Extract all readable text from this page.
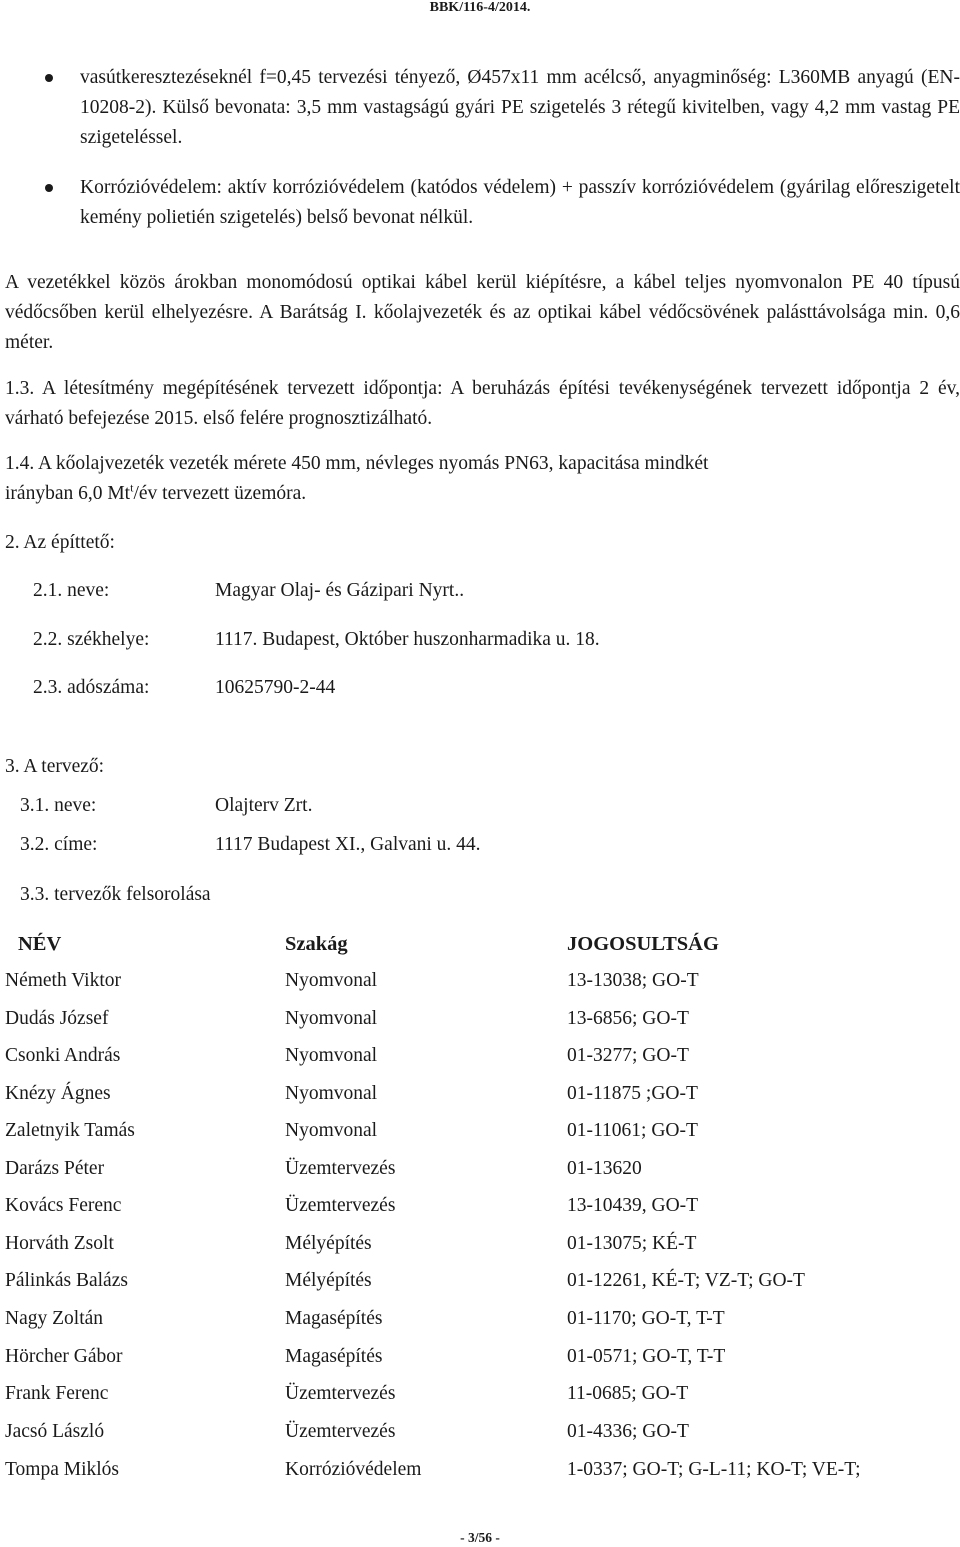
BBK/116-4/2014.
vasútkeresztezéseknél f=0,45 tervezési tényező, Ø457x11 mm acélcső, anyagminőség: L360MB anyagú (EN-10208-2). Külső bevonata: 3,5 mm vastagságú gyári PE szigetelés 3 rétegű kivitelben, vagy 4,2 mm vastag PE szigeteléssel.
Korrózióvédelem: aktív korrózióvédelem (katódos védelem) + passzív korrózióvédelem (gyárilag előreszigetelt kemény polietién szigetelés) belső bevonat nélkül.
A vezetékkel közös árokban monomódosú optikai kábel kerül kiépítésre, a kábel teljes nyomvonalon PE 40 típusú védőcsőben kerül elhelyezésre. A Barátság I. kőolajvezeték és az optikai kábel védőcsövének palásttávolsága min. 0,6 méter.
1.3. A létesítmény megépítésének tervezett időpontja: A beruházás építési tevékenységének tervezett időpontja 2 év, várható befejezése 2015. első felére prognosztizálható.
1.4. A kőolajvezeték vezeték mérete 450 mm, névleges nyomás PN63, kapacitása mindkét
irányban 6,0 Mt$^t$/év tervezett üzemóra.
2. Az építtető:
2.1. neve:	Magyar Olaj- és Gázipari Nyrt..
2.2. székhelye:	1117. Budapest, Október huszonharmadika u. 18.
2.3. adószáma:	10625790-2-44
3. A tervező:
3.1. neve:	Olajterv Zrt.
3.2. címe:	1117 Budapest XI., Galvani u. 44.
3.3. tervezők felsorolása
NÉV	Szakág	JOGOSULTSÁG
Németh Viktor	Nyomvonal	13-13038; GO-T
Dudás József	Nyomvonal	13-6856; GO-T
Csonki András	Nyomvonal	01-3277; GO-T
Knézy Ágnes	Nyomvonal	01-11875 ;GO-T
Zaletnyik Tamás	Nyomvonal	01-11061; GO-T
Darázs Péter	Üzemtervezés	01-13620
Kovács Ferenc	Üzemtervezés	13-10439, GO-T
Horváth Zsolt	Mélyépítés	01-13075; KÉ-T
Pálinkás Balázs	Mélyépítés	01-12261, KÉ-T; VZ-T; GO-T
Nagy Zoltán	Magasépítés	01-1170; GO-T, T-T
Hörcher Gábor	Magasépítés	01-0571; GO-T, T-T
Frank Ferenc	Üzemtervezés	11-0685; GO-T
Jacsó László	Üzemtervezés	01-4336; GO-T
Tompa Miklós	Korrózióvédelem	1-0337; GO-T; G-L-11; KO-T; VE-T;
- 3/56 -
